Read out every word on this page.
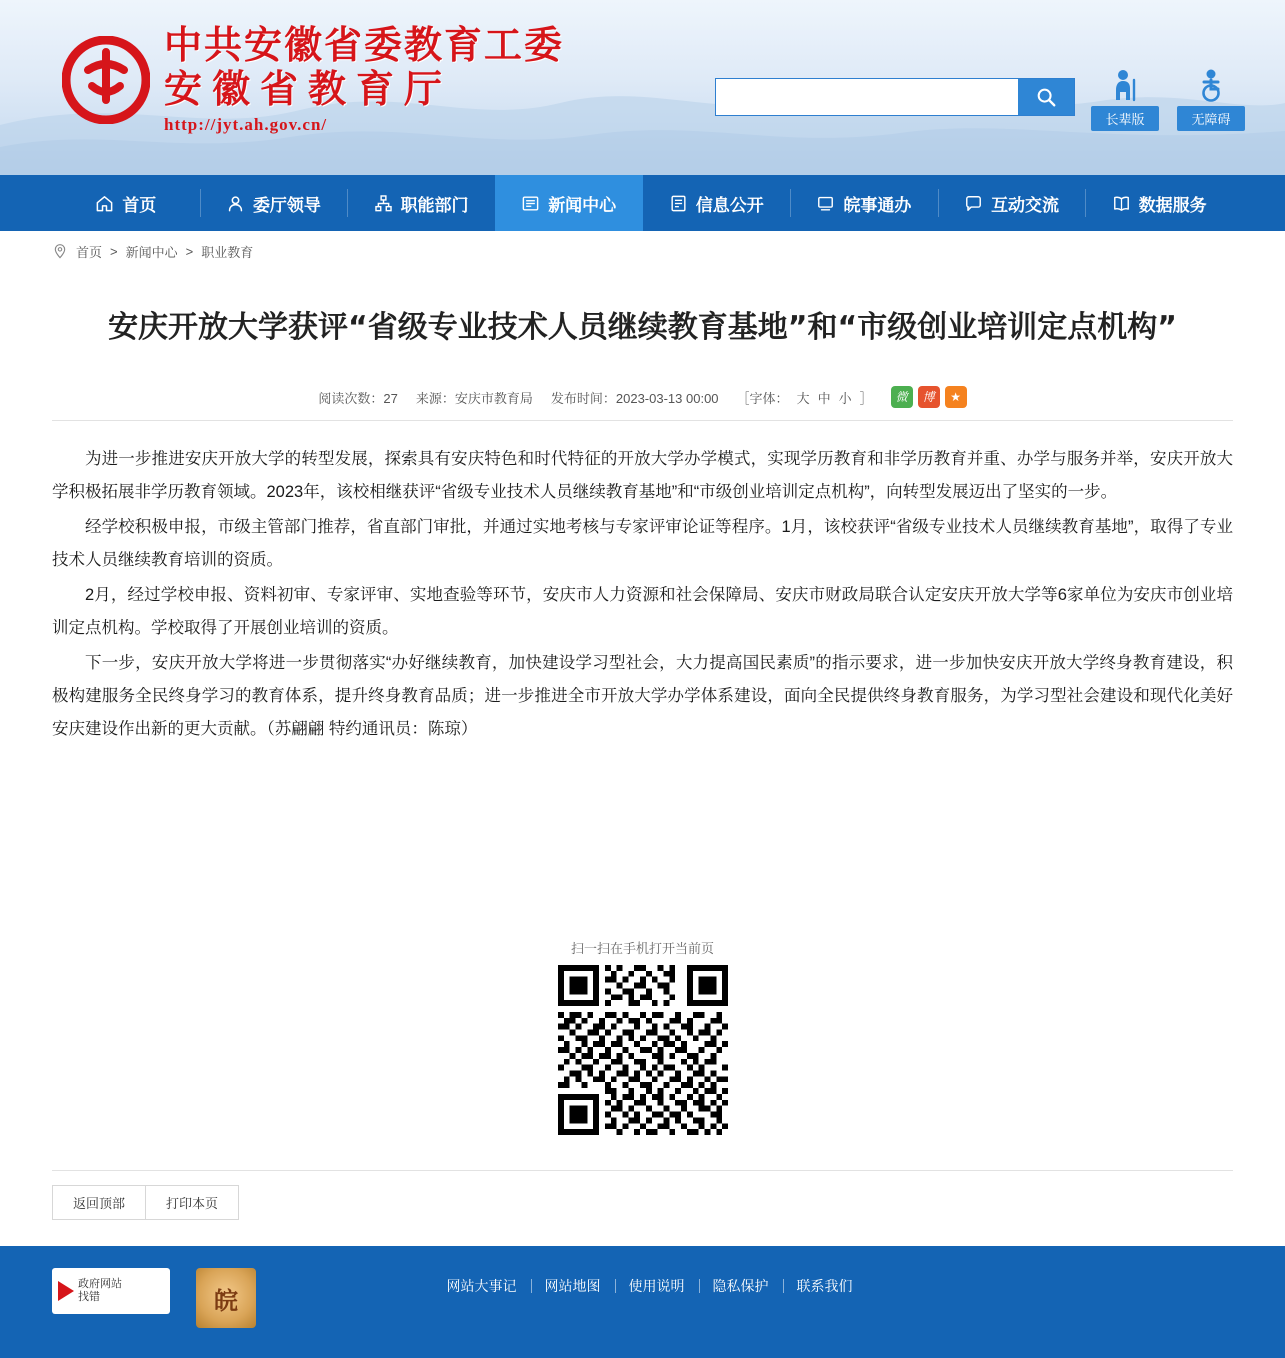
中共安徽省委教育工委
安徽省教育厅
http://jyt.ah.gov.cn/	长辈版	无障碍
首页	委厅领导	职能部门	新闻中心	信息公开	皖事通办	互动交流	数据服务
首页 > 新闻中心 > 职业教育
安庆开放大学获评“省级专业技术人员继续教育基地”和“市级创业培训定点机构”
阅读次数：27 来源：安庆市教育局 发布时间：2023-03-13 00:00 ［字体： 大 中 小 ］
微
博
★

为进一步推进安庆开放大学的转型发展，探索具有安庆特色和时代特征的开放大学办学模式，实现学历教育和非学历教育并重、办学与服务并举，安庆开放大学积极拓展非学历教育领域。2023年，该校相继获评“省级专业技术人员继续教育基地”和“市级创业培训定点机构”，向转型发展迈出了坚实的一步。

经学校积极申报，市级主管部门推荐，省直部门审批，并通过实地考核与专家评审论证等程序。1月，该校获评“省级专业技术人员继续教育基地”，取得了专业技术人员继续教育培训的资质。

2月，经过学校申报、资料初审、专家评审、实地查验等环节，安庆市人力资源和社会保障局、安庆市财政局联合认定安庆开放大学等6家单位为安庆市创业培训定点机构。学校取得了开展创业培训的资质。

下一步，安庆开放大学将进一步贯彻落实“办好继续教育，加快建设学习型社会，大力提高国民素质”的指示要求，进一步加快安庆开放大学终身教育建设，积极构建服务全民终身学习的教育体系，提升终身教育品质；进一步推进全市开放大学办学体系建设，面向全民提供终身教育服务，为学习型社会建设和现代化美好安庆建设作出新的更大贡献。（苏翩翩 特约通讯员：陈琼）

扫一扫在手机打开当前页
返回顶部	打印本页
政府网站
找错	皖	网站大事记	网站地图	使用说明	隐私保护	联系我们
